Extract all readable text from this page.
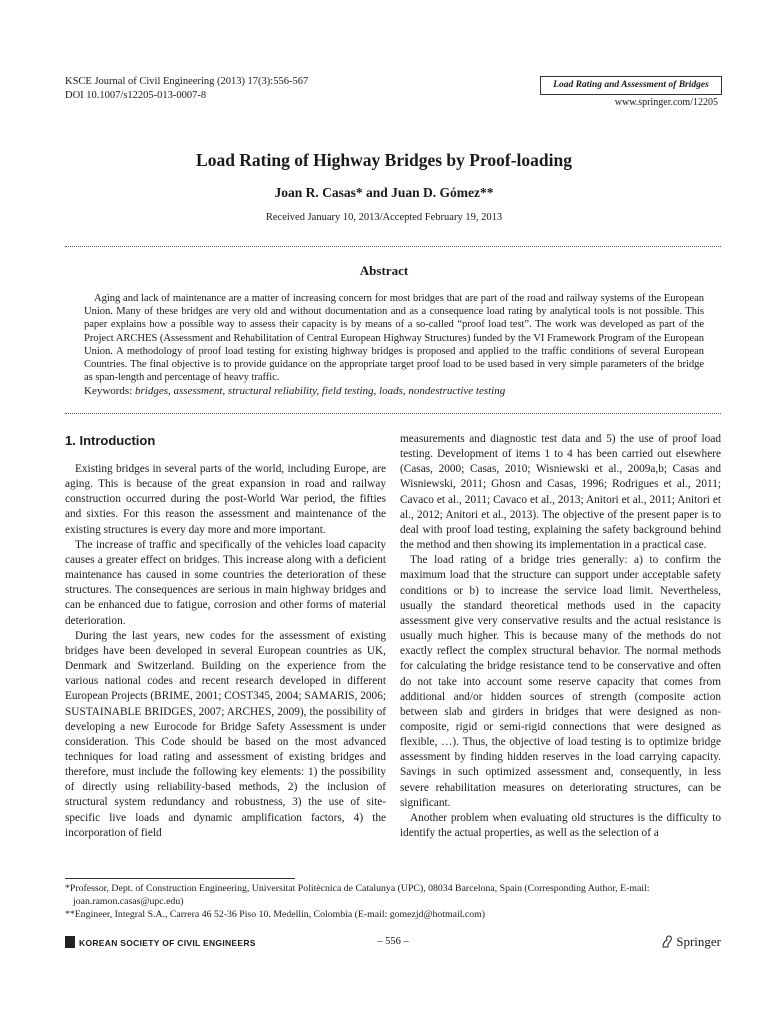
KSCE Journal of Civil Engineering (2013) 17(3):556-567
DOI 10.1007/s12205-013-0007-8
Load Rating and Assessment of Bridges
www.springer.com/12205
Load Rating of Highway Bridges by Proof-loading
Joan R. Casas* and Juan D. Gómez**
Received January 10, 2013/Accepted February 19, 2013
Abstract
Aging and lack of maintenance are a matter of increasing concern for most bridges that are part of the road and railway systems of the European Union. Many of these bridges are very old and without documentation and as a consequence load rating by analytical tools is not possible. This paper explains how a possible way to assess their capacity is by means of a so-called “proof load test”. The work was developed as part of the Project ARCHES (Assessment and Rehabilitation of Central European Highway Structures) funded by the VI Framework Program of the European Union. A methodology of proof load testing for existing highway bridges is proposed and applied to the traffic conditions of several European Countries. The final objective is to provide guidance on the appropriate target proof load to be used based in very simple parameters of the bridge as span-length and percentage of heavy traffic.
Keywords: bridges, assessment, structural reliability, field testing, loads, nondestructive testing
1. Introduction

Existing bridges in several parts of the world, including Europe, are aging. This is because of the great expansion in road and railway construction occurred during the post-World War period, the fifties and sixties. For this reason the assessment and maintenance of the existing structures is every day more and more important.

The increase of traffic and specifically of the vehicles load capacity causes a greater effect on bridges. This increase along with a deficient maintenance has caused in some countries the deterioration of these structures. The consequences are serious in main highway bridges and can be enhanced due to fatigue, corrosion and other forms of material deterioration.

During the last years, new codes for the assessment of existing bridges have been developed in several European countries as UK, Denmark and Switzerland. Building on the experience from the various national codes and recent research developed in different European Projects (BRIME, 2001; COST345, 2004; SAMARIS, 2006; SUSTAINABLE BRIDGES, 2007; ARCHES, 2009), the possibility of developing a new Eurocode for Bridge Safety Assessment is under consideration. This Code should be based on the most advanced techniques for load rating and assessment of existing bridges and therefore, must include the following key elements: 1) the possibility of directly using reliability-based methods, 2) the inclusion of structural system redundancy and robustness, 3) the use of site-specific live loads and dynamic amplification factors, 4) the incorporation of field

measurements and diagnostic test data and 5) the use of proof load testing. Development of items 1 to 4 has been carried out elsewhere (Casas, 2000; Casas, 2010; Wisniewski et al., 2009a,b; Casas and Wisniewski, 2011; Ghosn and Casas, 1996; Rodrigues et al., 2011; Cavaco et al., 2011; Cavaco et al., 2013; Anitori et al., 2011; Anitori et al., 2012; Anitori et al., 2013). The objective of the present paper is to deal with proof load testing, explaining the safety background behind the method and then showing its implementation in a practical case.

The load rating of a bridge tries generally: a) to confirm the maximum load that the structure can support under acceptable safety conditions or b) to increase the service load limit. Nevertheless, usually the standard theoretical methods used in the capacity assessment give very conservative results and the actual resistance is usually much higher. This is because many of the methods do not exactly reflect the complex structural behavior. The normal methods for calculating the bridge resistance tend to be conservative and often do not take into account some reserve capacity that comes from additional and/or hidden sources of strength (composite action between slab and girders in bridges that were designed as non-composite, rigid or semi-rigid connections that were designed as flexible, …). Thus, the objective of load testing is to optimize bridge assessment by finding hidden reserves in the load carrying capacity. Savings in such optimized assessment and, consequently, in less severe rehabilitation measures on deteriorating structures, can be significant.

Another problem when evaluating old structures is the difficulty to identify the actual properties, as well as the selection of a

*Professor, Dept. of Construction Engineering, Universitat Politècnica de Catalunya (UPC), 08034 Barcelona, Spain (Corresponding Author, E-mail: joan.ramon.casas@upc.edu)

**Engineer, Integral S.A., Carrera 46 52-36 Piso 10. Medellín, Colombia (E-mail: gomezjd@hotmail.com)

KOREAN SOCIETY OF CIVIL ENGINEERS	– 556 –	Springer
